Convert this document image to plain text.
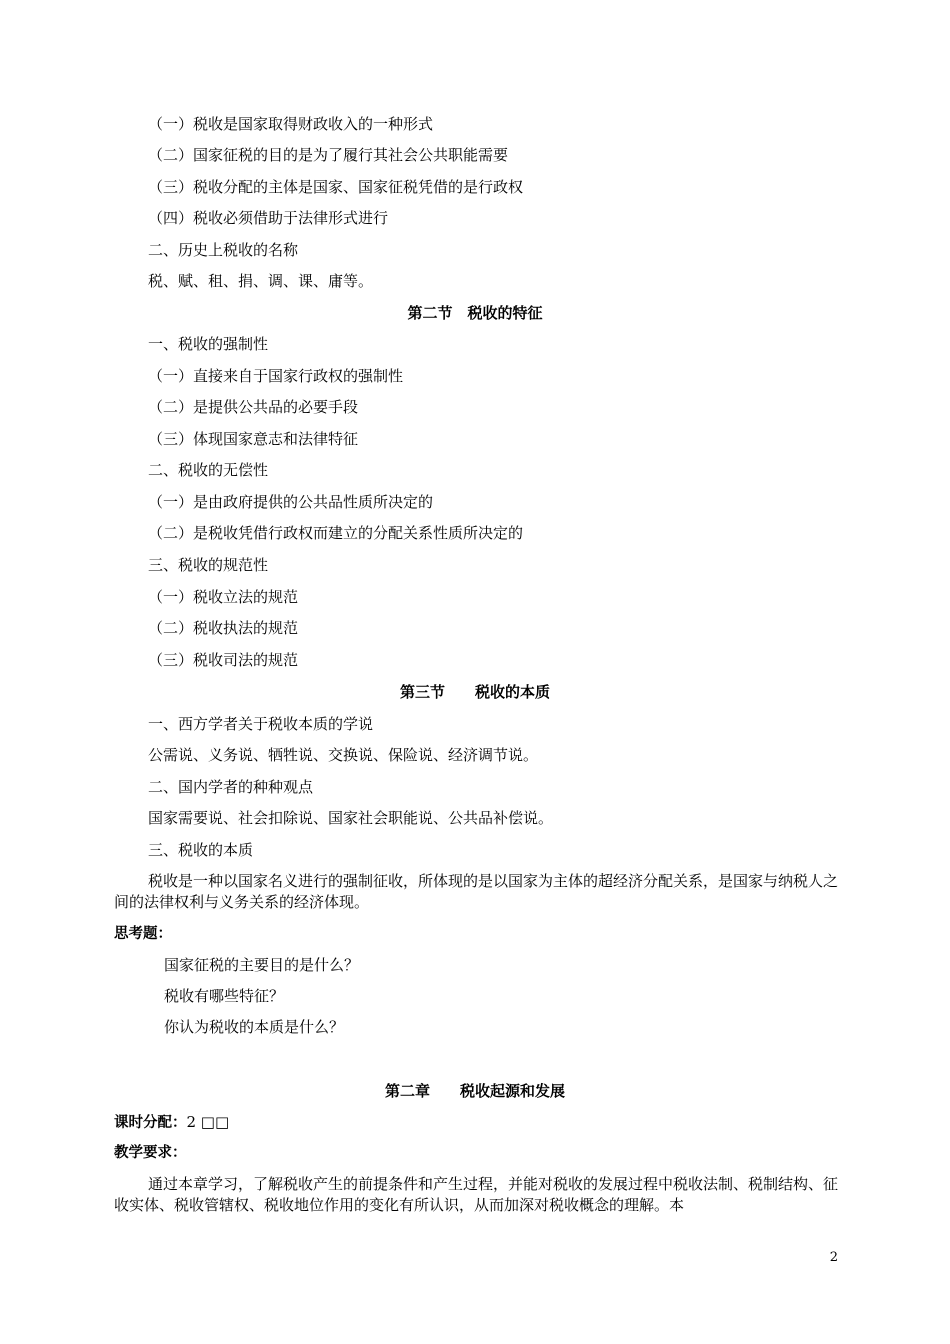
（一）税收是国家取得财政收入的一种形式
（二）国家征税的目的是为了履行其社会公共职能需要
（三）税收分配的主体是国家、国家征税凭借的是行政权
（四）税收必须借助于法律形式进行
二、历史上税收的名称
税、赋、租、捐、调、课、庸等。
第二节　税收的特征
一、税收的强制性
（一）直接来自于国家行政权的强制性
（二）是提供公共品的必要手段
（三）体现国家意志和法律特征
二、税收的无偿性
（一）是由政府提供的公共品性质所决定的
（二）是税收凭借行政权而建立的分配关系性质所决定的
三、税收的规范性
（一）税收立法的规范
（二）税收执法的规范
（三）税收司法的规范
第三节　　税收的本质
一、西方学者关于税收本质的学说
公需说、义务说、牺牲说、交换说、保险说、经济调节说。
二、国内学者的种种观点
国家需要说、社会扣除说、国家社会职能说、公共品补偿说。
三、税收的本质
税收是一种以国家名义进行的强制征收，所体现的是以国家为主体的超经济分配关系，是国家与纳税人之间的法律权利与义务关系的经济体现。
思考题：
国家征税的主要目的是什么？
税收有哪些特征？
你认为税收的本质是什么？
第二章　　税收起源和发展
课时分配：2 □□
教学要求：
通过本章学习，了解税收产生的前提条件和产生过程，并能对税收的发展过程中税收法制、税制结构、征收实体、税收管辖权、税收地位作用的变化有所认识，从而加深对税收概念的理解。本
2
